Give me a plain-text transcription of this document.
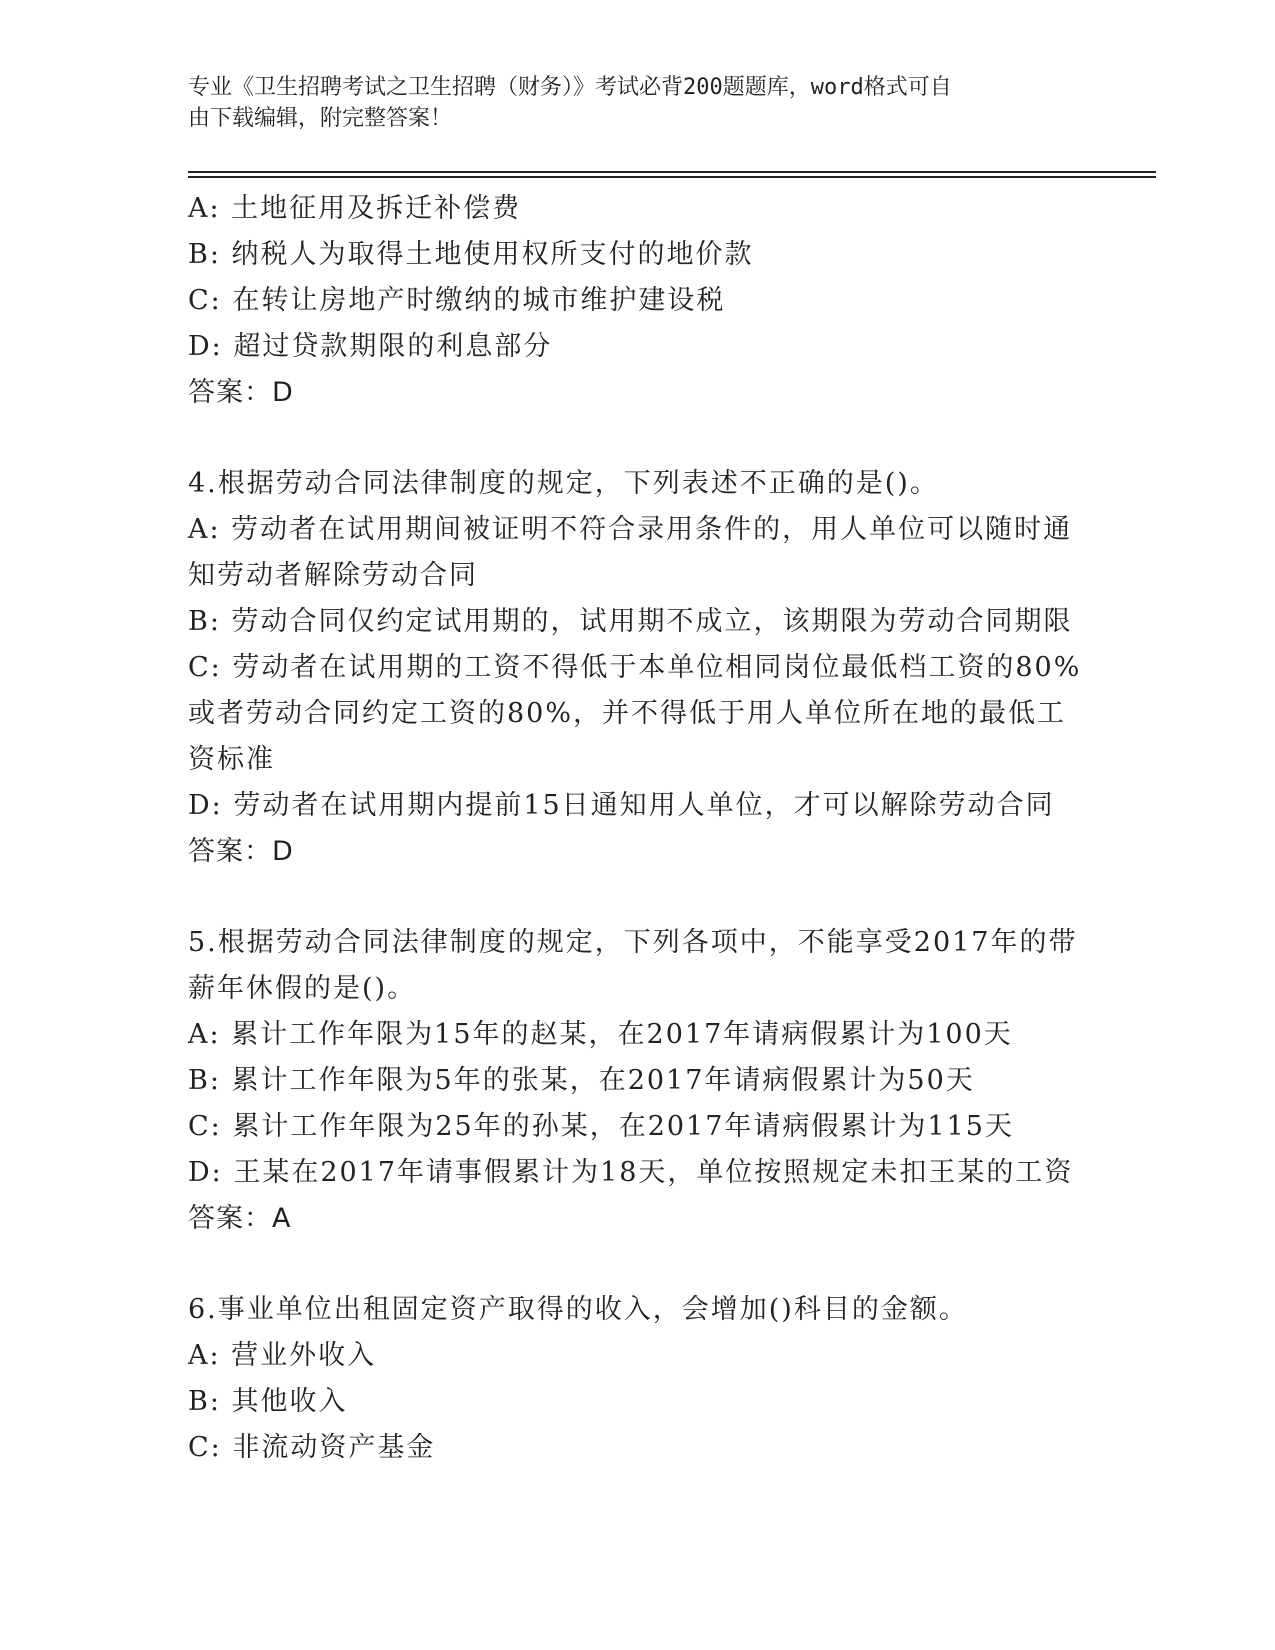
专业《卫生招聘考试之卫生招聘（财务）》考试必背200题题库，word格式可自
由下载编辑，附完整答案！
A: 土地征用及拆迁补偿费
B: 纳税人为取得土地使用权所支付的地价款
C: 在转让房地产时缴纳的城市维护建设税
D: 超过贷款期限的利息部分
答案：D
4.根据劳动合同法律制度的规定，下列表述不正确的是()。
A: 劳动者在试用期间被证明不符合录用条件的，用人单位可以随时通
知劳动者解除劳动合同
B: 劳动合同仅约定试用期的，试用期不成立，该期限为劳动合同期限
C: 劳动者在试用期的工资不得低于本单位相同岗位最低档工资的80%
或者劳动合同约定工资的80%，并不得低于用人单位所在地的最低工
资标准
D: 劳动者在试用期内提前15日通知用人单位，才可以解除劳动合同
答案：D
5.根据劳动合同法律制度的规定，下列各项中，不能享受2017年的带
薪年休假的是()。
A: 累计工作年限为15年的赵某，在2017年请病假累计为100天
B: 累计工作年限为5年的张某，在2017年请病假累计为50天
C: 累计工作年限为25年的孙某，在2017年请病假累计为115天
D: 王某在2017年请事假累计为18天，单位按照规定未扣王某的工资
答案：A
6.事业单位出租固定资产取得的收入，会增加()科目的金额。
A: 营业外收入
B: 其他收入
C: 非流动资产基金
